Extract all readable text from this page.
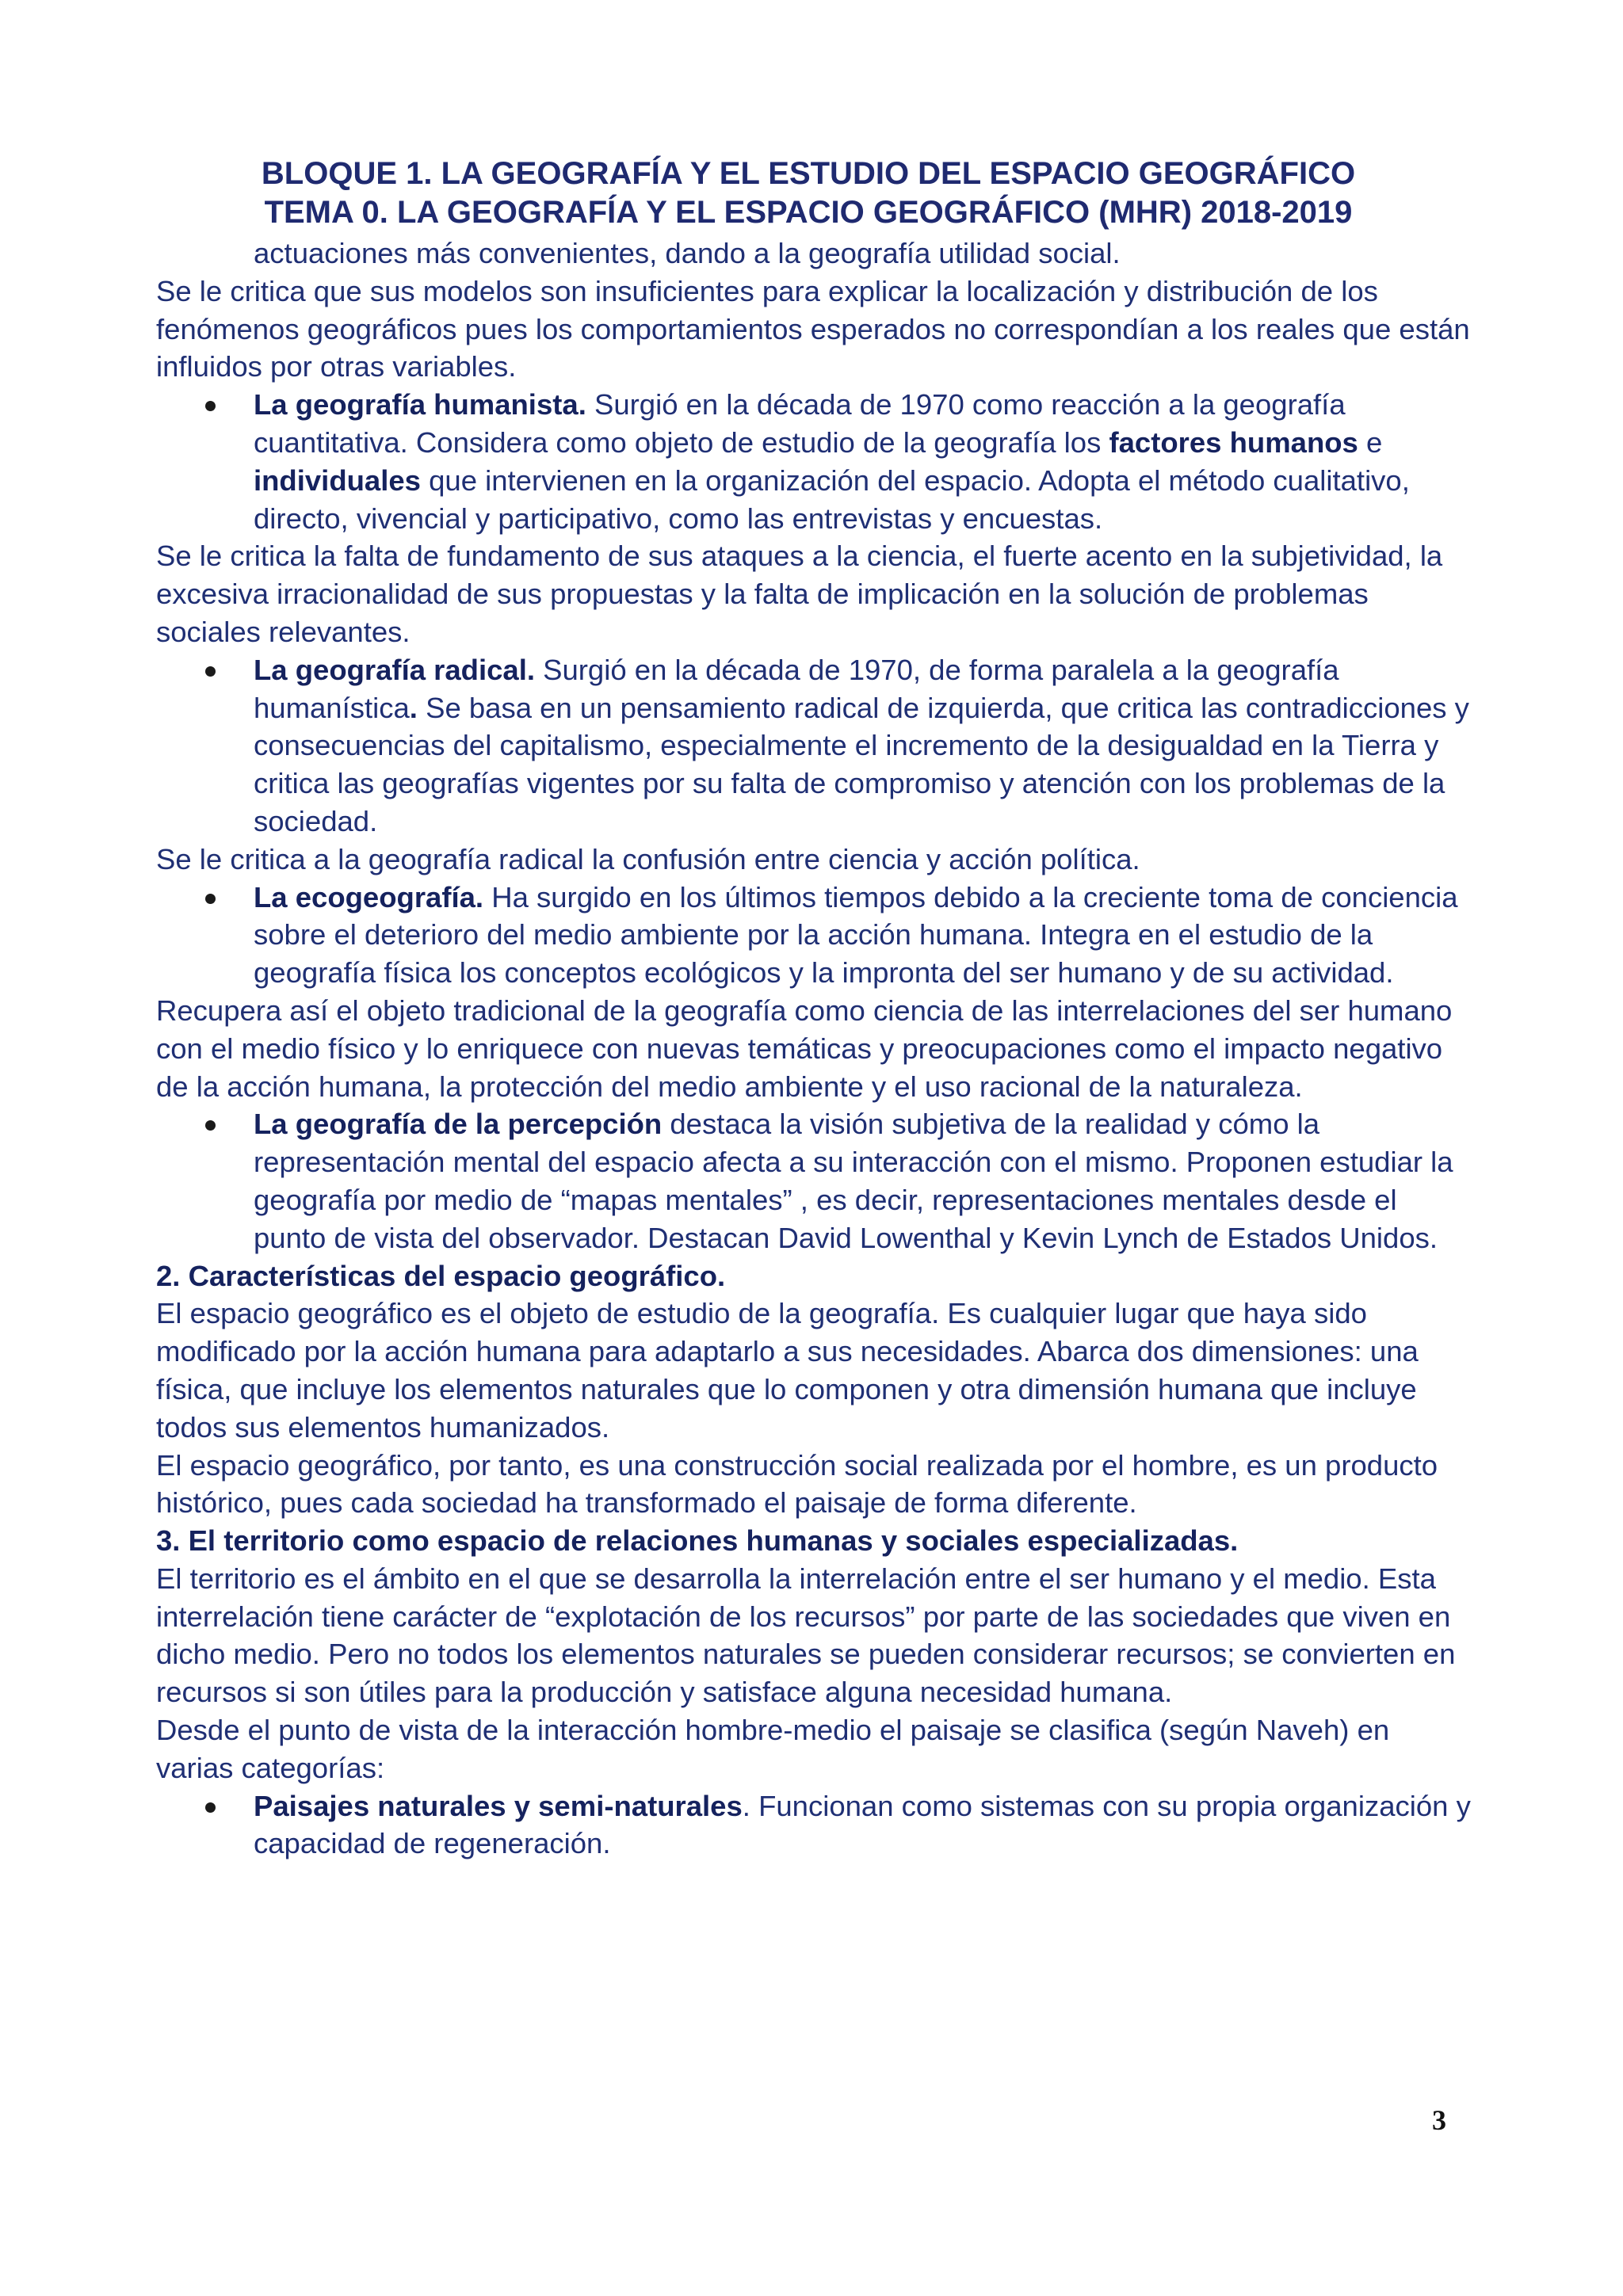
BLOQUE 1. LA GEOGRAFÍA Y EL ESTUDIO DEL ESPACIO GEOGRÁFICO
TEMA 0. LA GEOGRAFÍA Y EL ESPACIO GEOGRÁFICO (MHR) 2018-2019

actuaciones más convenientes, dando a la geografía utilidad social.

Se le critica que sus modelos son insuficientes para explicar la localización y distribución de los fenómenos geográficos pues los comportamientos esperados no correspondían a los reales que están influidos por otras variables.

La geografía humanista. Surgió en la década de 1970 como reacción a la geografía cuantitativa. Considera como objeto de estudio de la geografía los factores humanos e individuales que intervienen en la organización del espacio. Adopta el método cualitativo, directo, vivencial y participativo, como las entrevistas y encuestas.

Se le critica la falta de fundamento de sus ataques a la ciencia, el fuerte acento en la subjetividad, la excesiva irracionalidad de sus propuestas y la falta de implicación en la solución de problemas sociales relevantes.

La geografía radical. Surgió en la década de 1970, de forma paralela a la geografía humanística. Se basa en un pensamiento radical de izquierda, que critica las contradicciones y consecuencias del capitalismo, especialmente el incremento de la desigualdad en la Tierra y critica las geografías vigentes por su falta de compromiso y atención con los problemas de la sociedad.

Se le critica a la geografía radical la confusión entre ciencia y acción política.

La ecogeografía. Ha surgido en los últimos tiempos debido a la creciente toma de conciencia sobre el deterioro del medio ambiente por la acción humana. Integra en el estudio de la geografía física los conceptos ecológicos y la impronta del ser humano y de su actividad.

Recupera así el objeto tradicional de la geografía como ciencia de las interrelaciones del ser humano con el medio físico y lo enriquece con nuevas temáticas y preocupaciones como el impacto negativo de la acción humana, la protección del medio ambiente y el uso racional de la naturaleza.

La geografía de la percepción destaca la visión subjetiva de la realidad y cómo la representación mental del espacio afecta a su interacción con el mismo. Proponen estudiar la geografía por medio de “mapas mentales” , es decir, representaciones mentales desde el punto de vista del observador. Destacan David Lowenthal y Kevin Lynch de Estados Unidos.

2. Características del espacio geográfico.

El espacio geográfico es el objeto de estudio de la geografía. Es cualquier lugar que haya sido modificado por la acción humana para adaptarlo a sus necesidades. Abarca dos dimensiones: una física, que incluye los elementos naturales que lo componen y otra dimensión humana que incluye todos sus elementos humanizados.

El espacio geográfico, por tanto, es una construcción social realizada por el hombre, es un producto histórico, pues cada sociedad ha transformado el paisaje de forma diferente.

3. El territorio como espacio de relaciones humanas y sociales especializadas.

El territorio es el ámbito en el que se desarrolla la interrelación entre el ser humano y el medio. Esta interrelación tiene carácter de “explotación de los recursos” por parte de las sociedades que viven en dicho medio. Pero no todos los elementos naturales se pueden considerar recursos; se convierten en recursos si son útiles para la producción y satisface alguna necesidad humana.

Desde el punto de vista de la interacción hombre-medio el paisaje se clasifica (según Naveh) en varias categorías:

Paisajes naturales y semi-naturales. Funcionan como sistemas con su propia organización y capacidad de regeneración.
3
